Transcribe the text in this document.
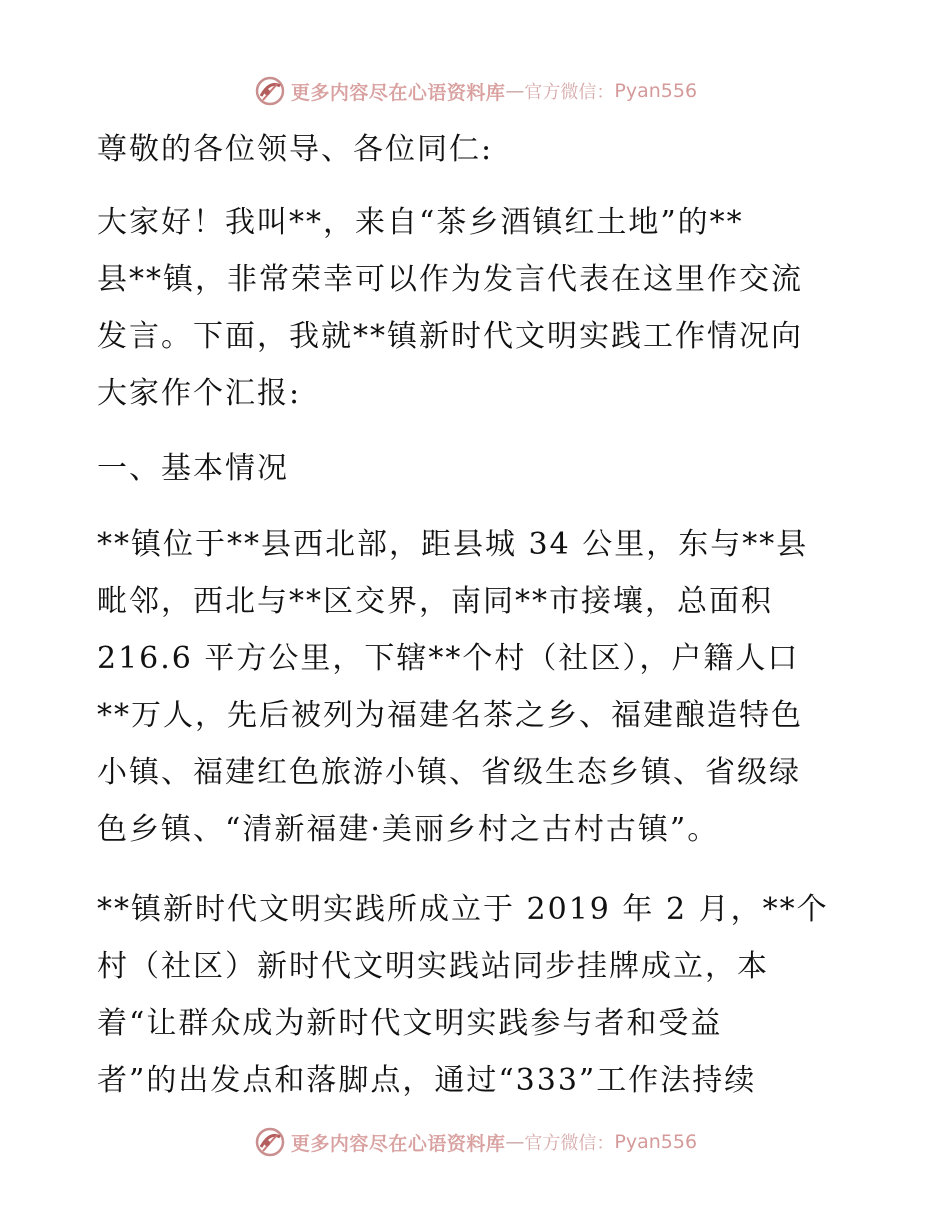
更多内容尽在心语资料库 — 官方微信： Pyan556
尊敬的各位领导、各位同仁:
大家好！我叫**，来自“茶乡酒镇红土地”的**
县**镇，非常荣幸可以作为发言代表在这里作交流
发言。下面，我就**镇新时代文明实践工作情况向
大家作个汇报:
一、基本情况
**镇位于**县西北部，距县城 34 公里，东与**县
毗邻，西北与**区交界，南同**市接壤，总面积
216.6 平方公里，下辖**个村（社区），户籍人口
**万人，先后被列为福建名茶之乡、福建酿造特色
小镇、福建红色旅游小镇、省级生态乡镇、省级绿
色乡镇、“清新福建·美丽乡村之古村古镇”。
**镇新时代文明实践所成立于 2019 年 2 月，**个
村（社区）新时代文明实践站同步挂牌成立，本
着“让群众成为新时代文明实践参与者和受益
者”的出发点和落脚点，通过“333”工作法持续
更多内容尽在心语资料库 — 官方微信： Pyan556
